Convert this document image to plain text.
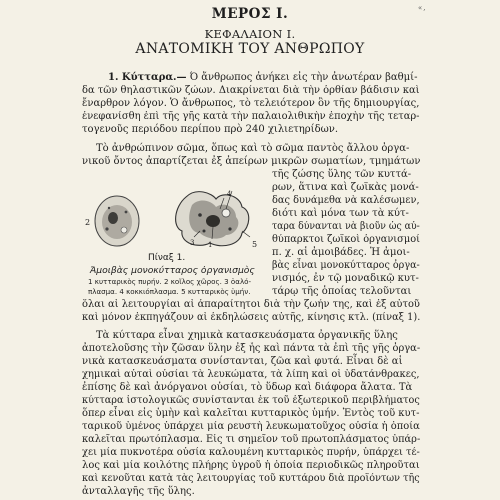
«,
ΜΕΡΟΣ Ι.
ΚΕΦΑΛΑΙΟΝ Ι.
ΑΝΑΤΟΜΙΚΗ ΤΟΥ ΑΝΘΡΩΠΟΥ
1. Κύτταρα.— Ό ἄνθρωπος ἀνήκει εἰς τὴν ἀνωτέραν βαθμί-
δα τῶν θηλαστικῶν ζώων. Διακρίνεται διὰ τὴν ὀρθίαν βάδισιν καὶ
ἔναρθρον λόγον. Ὁ ἄνθρωπος, τὸ τελειότερον ὂν τῆς δημιουργίας,
ἐνεφανίσθη ἐπὶ τῆς γῆς κατὰ τὴν παλαιολιθικὴν ἐποχὴν τῆς τεταρ-
τογενοῦς περιόδου περίπου πρὸ 240 χιλιετηρίδων.
Τὸ ἀνθρώπινον σῶμα, ὅπως καὶ τὸ σῶμα παντὸς ἄλλου ὀργα-
νικοῦ ὄντος ἀπαρτίζεται ἐξ ἀπείρων μικρῶν σωματίων, τμημάτων
τῆς ζώσης ὕλης τῶν κυττά-
ρων, ἅτινα καὶ ζωϊκὰς μονά-
δας δυνάμεθα νὰ καλέσωμεν,
διότι καὶ μόνα των τὰ κύτ-
ταρα δύνανται νὰ βιοῦν ὡς αὐ-
θύπαρκτοι ζωϊκοὶ ὀργανισμοί
π. χ. αἱ ἀμοιβάδες. Ἡ ἀμοι-
βὰς εἶναι μονοκύτταρος ὀργα-
νισμός, ἐν τῷ μοναδικῷ κυτ-
τάρῳ τῆς ὁποίας τελοῦνται
2
3
4
1	5
Πίναξ 1.
Ἀμοιβὰς μονοκύτταρος ὀργανισμὸς
1 κυτταρικὸς πυρήν. 2 κοῖλος χῶρος. 3 ὁαλό-
πλασμα. 4 κοκκιόπλασμα. 5 κυτταρικὸς ὑμήν.
ὅλαι αἱ λειτουργίαι αἱ ἀπαραίτητοι διὰ τὴν ζωήν της, καὶ ἐξ αὐτοῦ
καὶ μόνον ἐκπηγάζουν αἱ ἐκδηλώσεις αὐτῆς, κίνησις κτλ. (πίναξ 1).
Τὰ κύτταρα εἶναι χημικὰ κατασκευάσματα ὀργανικῆς ὕλης
ἀποτελοῦσης τὴν ζῶσαν ὕλην ἐξ ἧς καὶ πάντα τὰ ἐπὶ τῆς γῆς ὀργα-
νικὰ κατασκευάσματα συνίστανται, ζῶα καὶ φυτά. Εἶναι δὲ αἱ
χημικαὶ αὐταὶ οὐσίαι τὰ λευκώματα, τὰ λίπη καὶ οἱ ὑδατάνθρακες,
ἐπίσης δὲ καὶ ἀνόργανοι οὐσίαι, τὸ ὕδωρ καὶ διάφορα ἄλατα. Τὰ
κύτταρα ἰστολογικῶς συνίστανται ἐκ τοῦ ἐξωτερικοῦ περιβλήματος
ὅπερ εἶναι εἰς ὑμὴν καὶ καλεῖται κυτταρικὸς ὑμήν. Ἐντὸς τοῦ κυτ-
ταρικοῦ ὑμένος ὑπάρχει μία ρευστὴ λευκωματοῦχος οὐσία ἡ ὁποία
καλεῖται πρωτόπλασμα. Εἰς τι σημεῖον τοῦ πρωτοπλάσματος ὑπάρ-
χει μία πυκνοτέρα οὐσία καλουμένη κυτταρικὸς πυρήν, ὑπάρχει τέ-
λος καὶ μία κοιλότης πλήρης ὑγροῦ ἡ ὁποία περιοδικῶς πληροῦται
καὶ κενοῦται κατὰ τὰς λειτουργίας τοῦ κυττάρου διὰ προϊόντων τῆς
ἀνταλλαγῆς τῆς ὕλης.
